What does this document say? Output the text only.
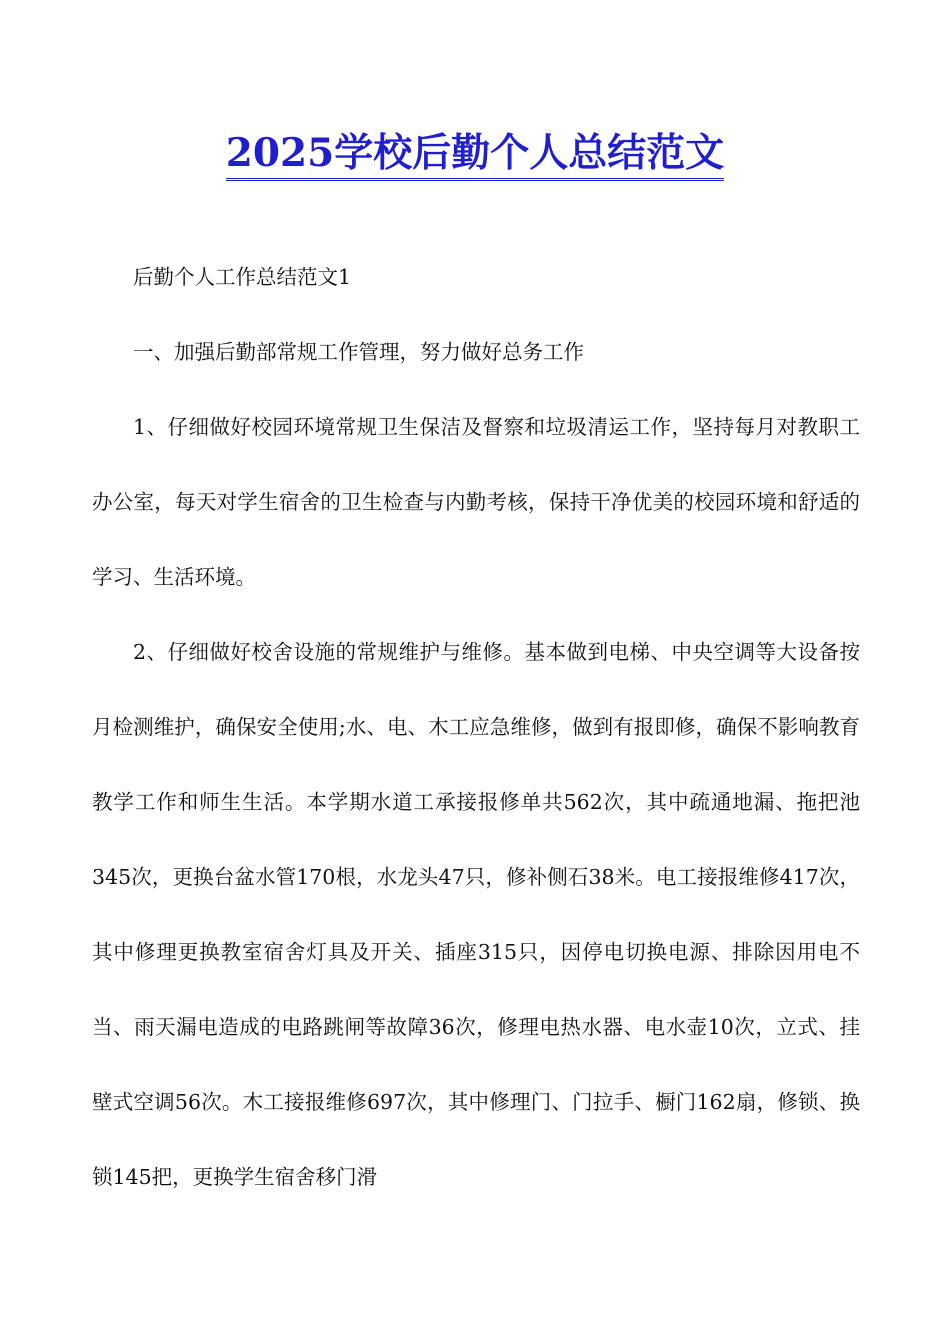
2025学校后勤个人总结范文

后勤个人工作总结范文1

一、加强后勤部常规工作管理，努力做好总务工作

1、仔细做好校园环境常规卫生保洁及督察和垃圾清运工作，坚持每月对教职工办公室，每天对学生宿舍的卫生检查与内勤考核，保持干净优美的校园环境和舒适的学习、生活环境。

2、仔细做好校舍设施的常规维护与维修。基本做到电梯、中央空调等大设备按月检测维护，确保安全使用;水、电、木工应急维修，做到有报即修，确保不影响教育教学工作和师生生活。本学期水道工承接报修单共562次，其中疏通地漏、拖把池345次，更换台盆水管170根，水龙头47只，修补侧石38米。电工接报维修417次，其中修理更换教室宿舍灯具及开关、插座315只，因停电切换电源、排除因用电不当、雨天漏电造成的电路跳闸等故障36次，修理电热水器、电水壶10次，立式、挂壁式空调56次。木工接报维修697次，其中修理门、门拉手、橱门162扇，修锁、换锁145把，更换学生宿舍移门滑
